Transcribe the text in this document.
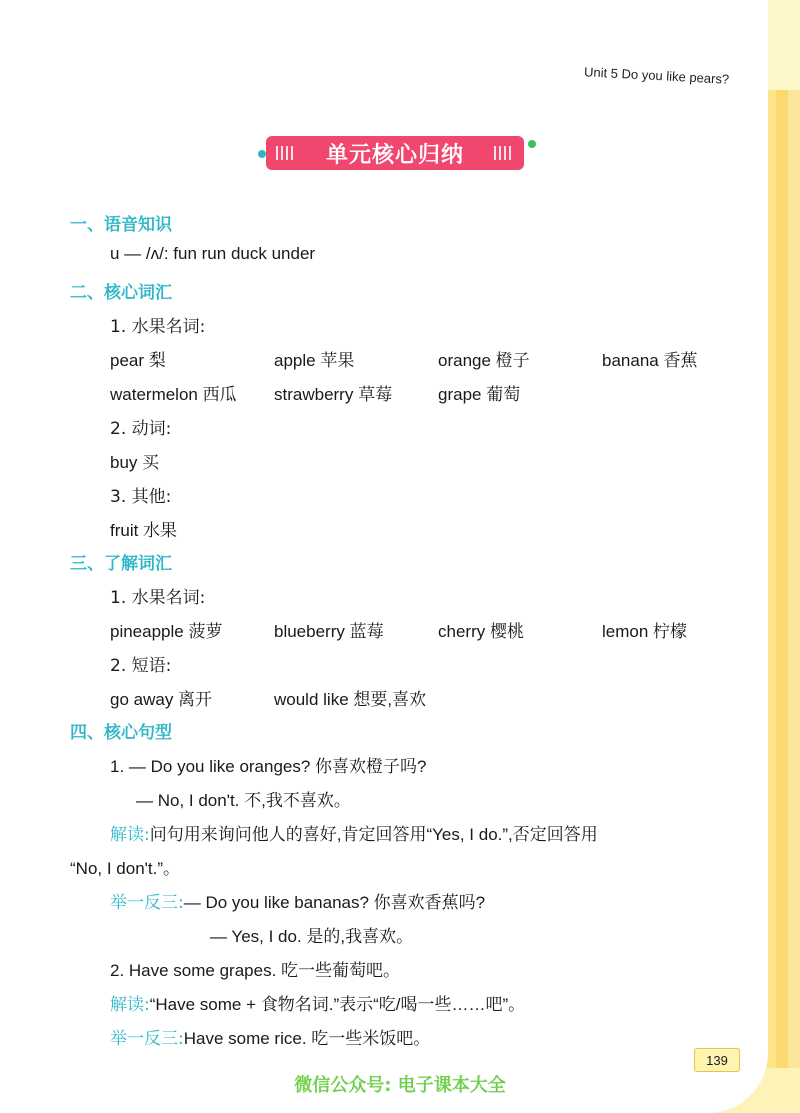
Unit 5 Do you like pears?
单元核心归纳
一、语音知识
u — /ʌ/: fun run duck under
二、核心词汇
1. 水果名词:
pear 梨	apple 苹果	orange 橙子	banana 香蕉
watermelon 西瓜 strawberry 草莓	grape 葡萄
2. 动词:
buy 买
3. 其他:
fruit 水果
三、了解词汇
1. 水果名词:
pineapple 菠萝	blueberry 蓝莓	cherry 樱桃	lemon 柠檬
2. 短语:
go away 离开	would like 想要,喜欢
四、核心句型
1. — Do you like oranges? 你喜欢橙子吗?
— No, I don't. 不,我不喜欢。
解读:问句用来询问他人的喜好,肯定回答用“Yes, I do.”,否定回答用
“No, I don't.”。
举一反三:— Do you like bananas? 你喜欢香蕉吗?
— Yes, I do. 是的,我喜欢。
2. Have some grapes. 吃一些葡萄吧。
解读:“Have some + 食物名词.”表示“吃/喝一些……吧”。
举一反三:Have some rice. 吃一些米饭吧。
139
微信公众号: 电子课本大全
